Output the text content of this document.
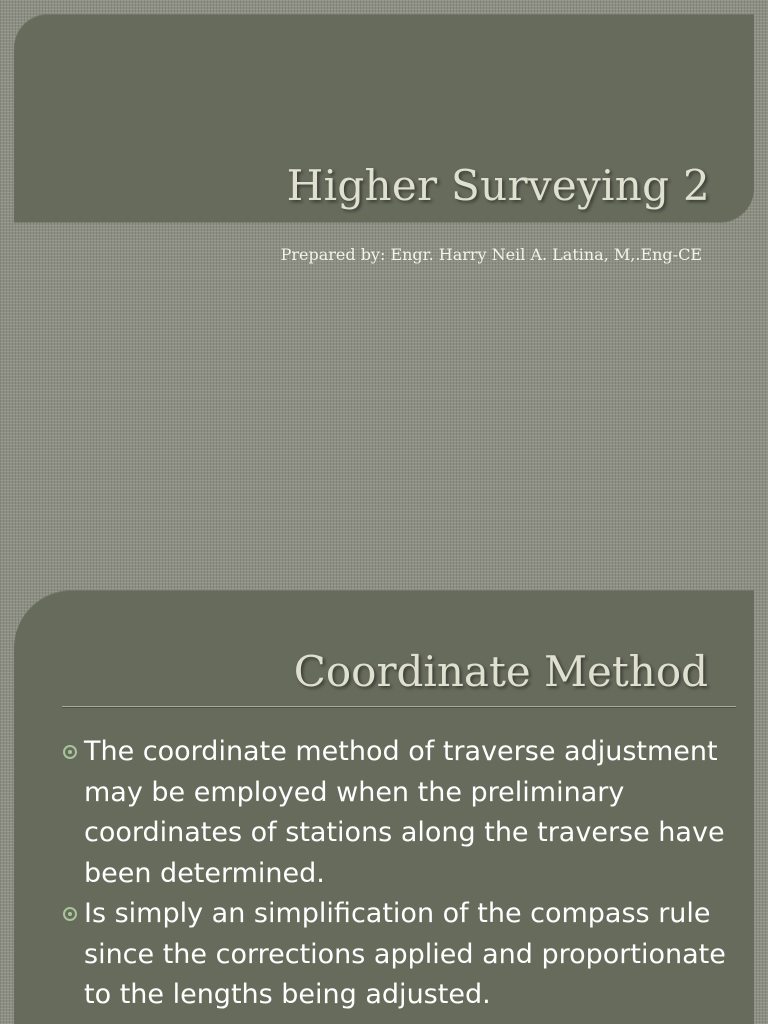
Higher Surveying 2
Prepared by: Engr. Harry Neil A. Latina, M,.Eng-CE
Coordinate Method
The coordinate method of traverse adjustment may be employed when the preliminary coordinates of stations along the traverse have been determined.
Is simply an simplification of the compass rule since the corrections applied and proportionate to the lengths being adjusted.
